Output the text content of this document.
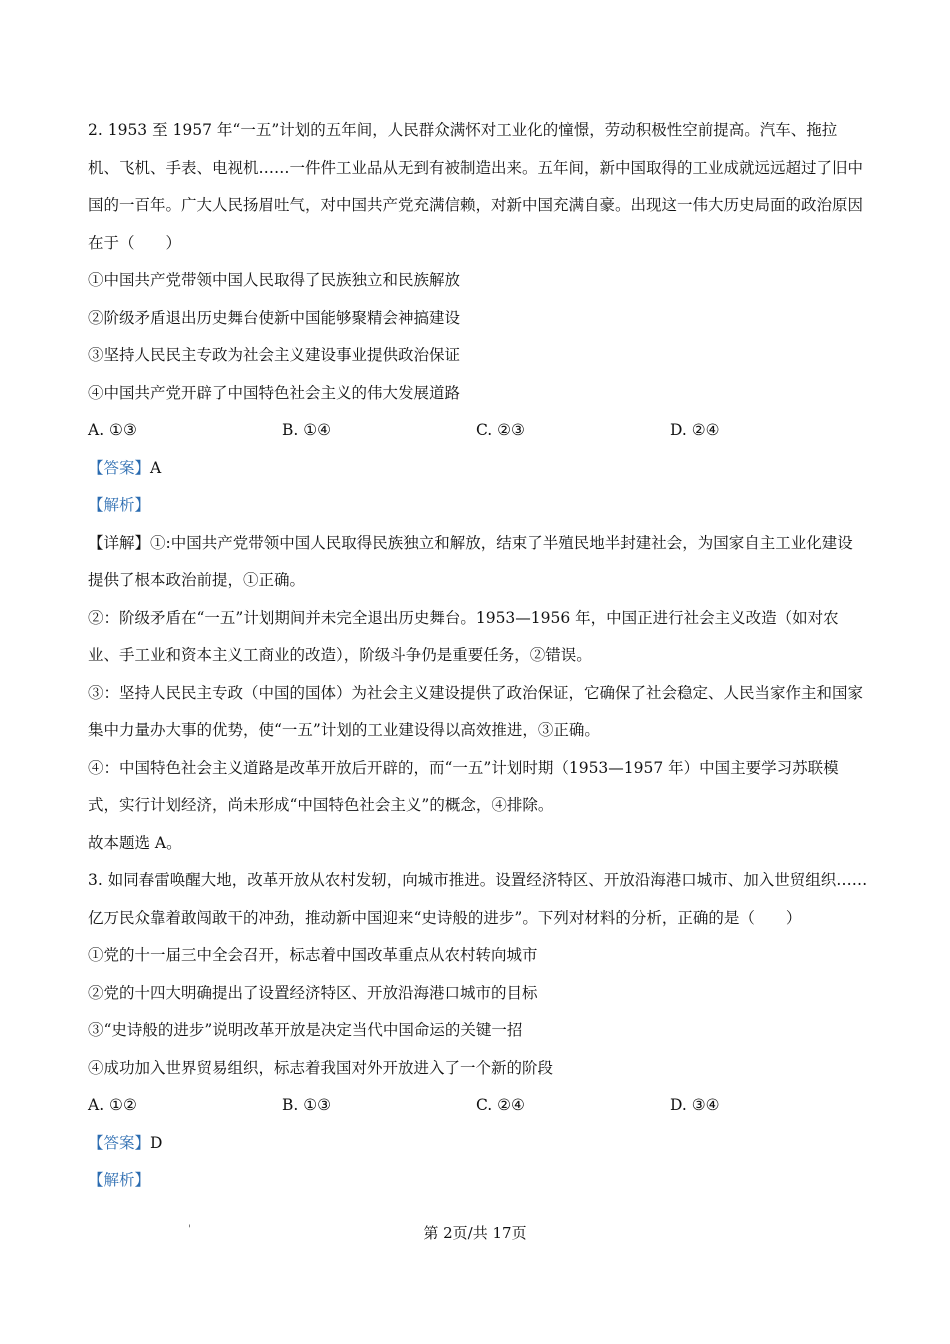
2. 1953 至 1957 年“一五”计划的五年间，人民群众满怀对工业化的憧憬，劳动积极性空前提高。汽车、拖拉机、飞机、手表、电视机……一件件工业品从无到有被制造出来。五年间，新中国取得的工业成就远远超过了旧中国的一百年。广大人民扬眉吐气，对中国共产党充满信赖，对新中国充满自豪。出现这一伟大历史局面的政治原因在于（　　）
①中国共产党带领中国人民取得了民族独立和民族解放
②阶级矛盾退出历史舞台使新中国能够聚精会神搞建设
③坚持人民民主专政为社会主义建设事业提供政治保证
④中国共产党开辟了中国特色社会主义的伟大发展道路
A. ①③	B. ①④	C. ②③	D. ②④
【答案】A
【解析】
【详解】①:中国共产党带领中国人民取得民族独立和解放，结束了半殖民地半封建社会，为国家自主工业化建设提供了根本政治前提，①正确。
②：阶级矛盾在“一五”计划期间并未完全退出历史舞台。1953—1956 年，中国正进行社会主义改造（如对农业、手工业和资本主义工商业的改造），阶级斗争仍是重要任务，②错误。
③：坚持人民民主专政（中国的国体）为社会主义建设提供了政治保证，它确保了社会稳定、人民当家作主和国家集中力量办大事的优势，使“一五”计划的工业建设得以高效推进，③正确。
④：中国特色社会主义道路是改革开放后开辟的，而“一五”计划时期（1953—1957 年）中国主要学习苏联模式，实行计划经济，尚未形成“中国特色社会主义”的概念，④排除。
故本题选 A。
3. 如同春雷唤醒大地，改革开放从农村发轫，向城市推进。设置经济特区、开放沿海港口城市、加入世贸组织……亿万民众靠着敢闯敢干的冲劲，推动新中国迎来“史诗般的进步”。下列对材料的分析，正确的是（　　）
①党的十一届三中全会召开，标志着中国改革重点从农村转向城市
②党的十四大明确提出了设置经济特区、开放沿海港口城市的目标
③“史诗般的进步”说明改革开放是决定当代中国命运的关键一招
④成功加入世界贸易组织，标志着我国对外开放进入了一个新的阶段
A. ①②	B. ①③	C. ②④	D. ③④
【答案】D
【解析】
'	第 2页/共 17页
